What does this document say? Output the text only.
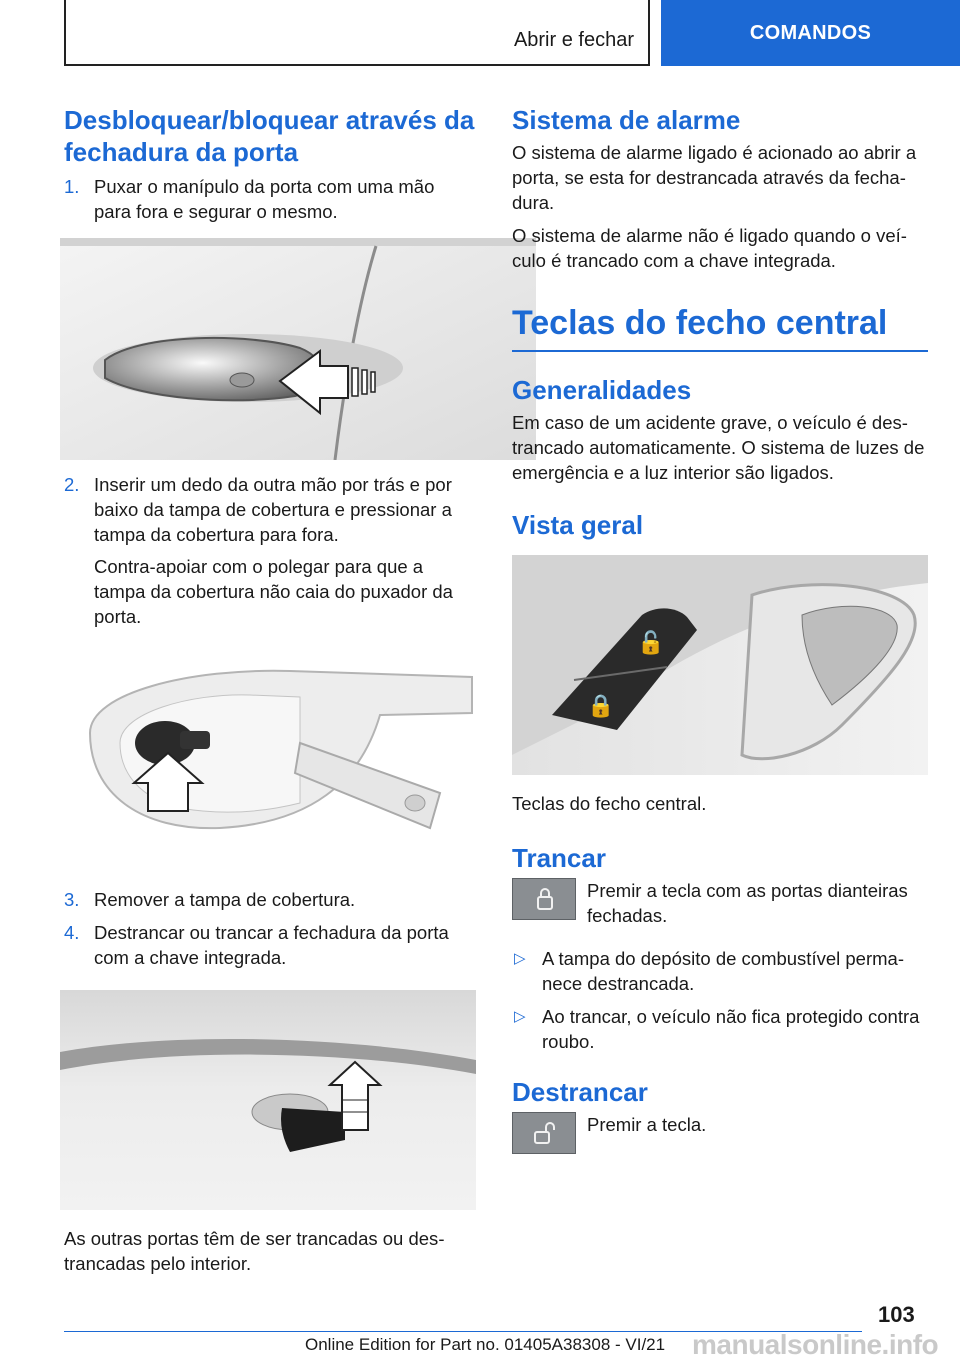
Abrir e fechar	COMANDOS
Desbloquear/bloquear através da fechadura da porta
1. Puxar o manípulo da porta com uma mão para fora e segurar o mesmo.
2. Inserir um dedo da outra mão por trás e por baixo da tampa de cobertura e pressionar a tampa da cobertura para fora.
Contra-apoiar com o polegar para que a tampa da cobertura não caia do puxador da porta.
3. Remover a tampa de cobertura.
4. Destrancar ou trancar a fechadura da porta com a chave integrada.

As outras portas têm de ser trancadas ou destrancadas pelo interior.

Sistema de alarme

O sistema de alarme ligado é acionado ao abrir a porta, se esta for destrancada através da fechadura.

O sistema de alarme não é ligado quando o veículo é trancado com a chave integrada.

Teclas do fecho central
Generalidades

Em caso de um acidente grave, o veículo é destrancado automaticamente. O sistema de luzes de emergência e a luz interior são ligados.

Vista geral
🔓
🔒

Teclas do fecho central.

Trancar
Premir a tecla com as portas dianteiras fechadas.
▷ A tampa do depósito de combustível permanece destrancada.
▷ Ao trancar, o veículo não fica protegido contra roubo.
Destrancar
Premir a tecla.
103
Online Edition for Part no. 01405A38308 - VI/21 manualsonline.info
